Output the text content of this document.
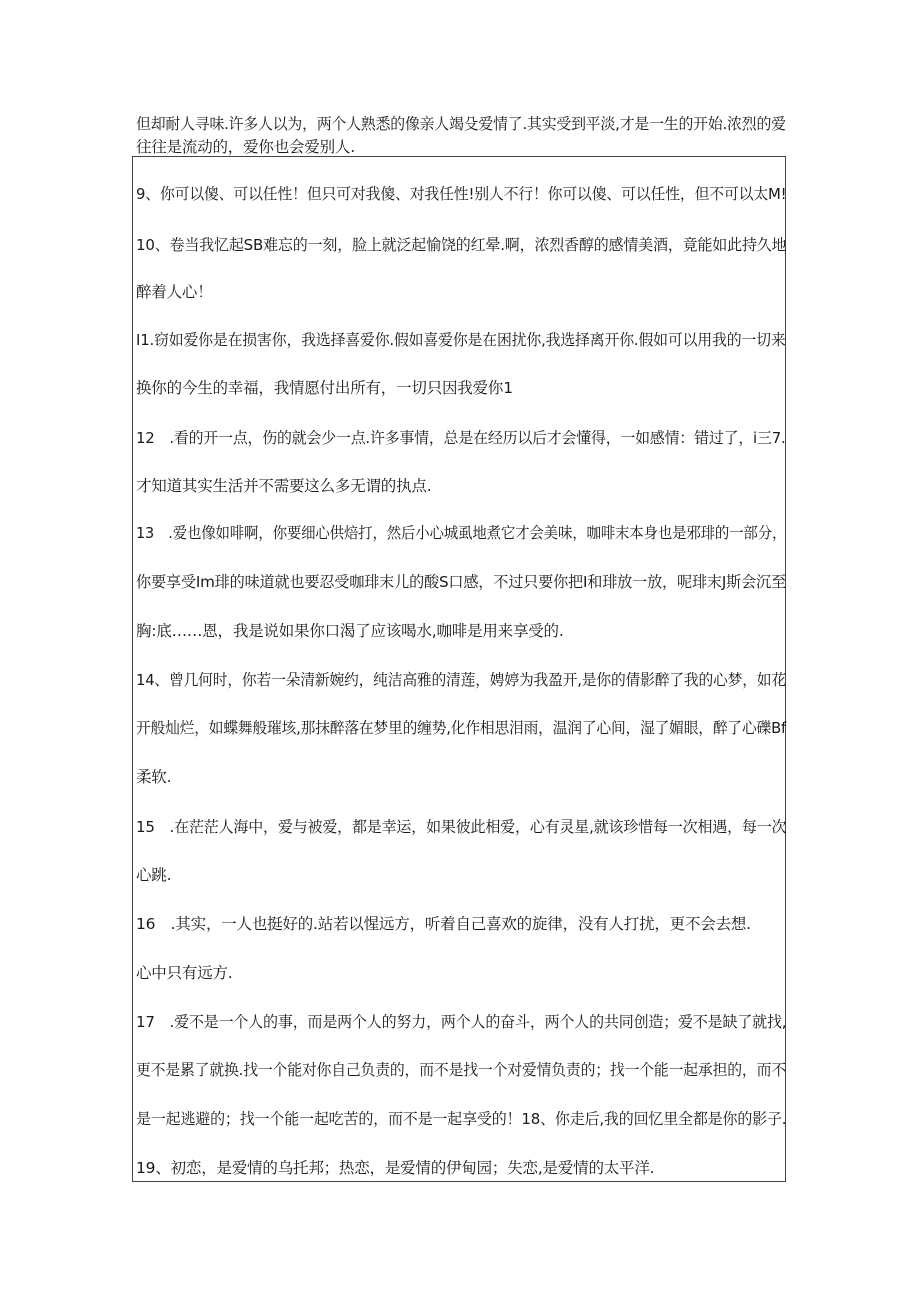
但却耐人寻味.许多人以为，两个人熟悉的像亲人竭殳爱情了.其实受到平淡,才是一生的开始.浓烈的爱
往往是流动的，爱你也会爱别人.
9、你可以傻、可以任性！但只可对我傻、对我任性!别人不行！你可以傻、可以任性，但不可以太M!
10、卷当我忆起SB难忘的一刻，脸上就泛起愉饶的红晕.啊，浓烈香醇的感情美酒，竟能如此持久地
醉着人心！
I1.窃如爱你是在损害你，我选择喜爱你.假如喜爱你是在困扰你,我选择离开你.假如可以用我的一切来
换你的今生的幸福，我情愿付出所有，一切只因我爱你1
12　.看的开一点，伤的就会少一点.许多事情，总是在经历以后才会懂得，一如感情：错过了，i三7.
才知道其实生活并不需要这么多无谓的执点.
13　.爱也像如啡啊，你要细心供焙打，然后小心城虱地煮它才会美味，咖啡末本身也是邪琲的一部分，
你要享受Im琲的味道就也要忍受咖琲末儿的酸S口感，不过只要你把I和琲放一放，呢琲末J斯会沉至
胸:底……恩，我是说如果你口渴了应该喝水,咖啡是用来享受的.
14、曾几何时，你若一朵清新婉约，纯洁高雅的清莲，娉婷为我盈开,是你的倩影醉了我的心梦，如花
开般灿烂，如蝶舞般璀垓,那抹醉落在梦里的缠势,化作相思泪雨，温润了心间，湿了媚眼，醉了心礫Bf
柔软.
15　.在茫茫人海中，爱与被爱，都是幸运，如果彼此相爱，心有灵星,就该珍惜每一次相遇，每一次
心跳.
16　.其实，一人也挺好的.站若以惺远方，听着自己喜欢的旋律，没有人打扰，更不会去想.
心中只有远方.
17　.爱不是一个人的事，而是两个人的努力，两个人的奋斗，两个人的共同创造；爱不是缺了就找,
更不是累了就换.找一个能对你自己负责的，而不是找一个对爱情负责的；找一个能一起承担的，而不
是一起逃避的；找一个能一起吃苦的，而不是一起享受的！18、你走后,我的回忆里全都是你的影子.
19、初恋，是爱情的乌托邦；热恋，是爱情的伊甸园；失恋,是爱情的太平洋.
